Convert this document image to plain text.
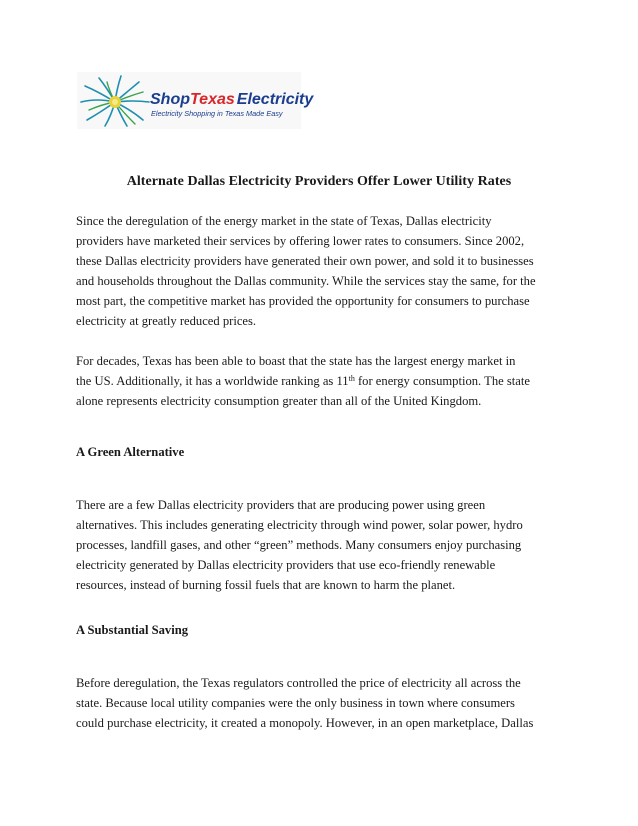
ShopTexas Electricity
Electricity Shopping in Texas Made Easy
Alternate Dallas Electricity Providers Offer Lower Utility Rates

Since the deregulation of the energy market in the state of Texas, Dallas electricity
providers have marketed their services by offering lower rates to consumers. Since 2002,
these Dallas electricity providers have generated their own power, and sold it to businesses
and households throughout the Dallas community. While the services stay the same, for the
most part, the competitive market has provided the opportunity for consumers to purchase
electricity at greatly reduced prices.

For decades, Texas has been able to boast that the state has the largest energy market in
the US. Additionally, it has a worldwide ranking as 11th for energy consumption. The state
alone represents electricity consumption greater than all of the United Kingdom.

A Green Alternative

There are a few Dallas electricity providers that are producing power using green
alternatives. This includes generating electricity through wind power, solar power, hydro
processes, landfill gases, and other “green” methods. Many consumers enjoy purchasing
electricity generated by Dallas electricity providers that use eco-friendly renewable
resources, instead of burning fossil fuels that are known to harm the planet.

A Substantial Saving

Before deregulation, the Texas regulators controlled the price of electricity all across the
state. Because local utility companies were the only business in town where consumers
could purchase electricity, it created a monopoly. However, in an open marketplace, Dallas
